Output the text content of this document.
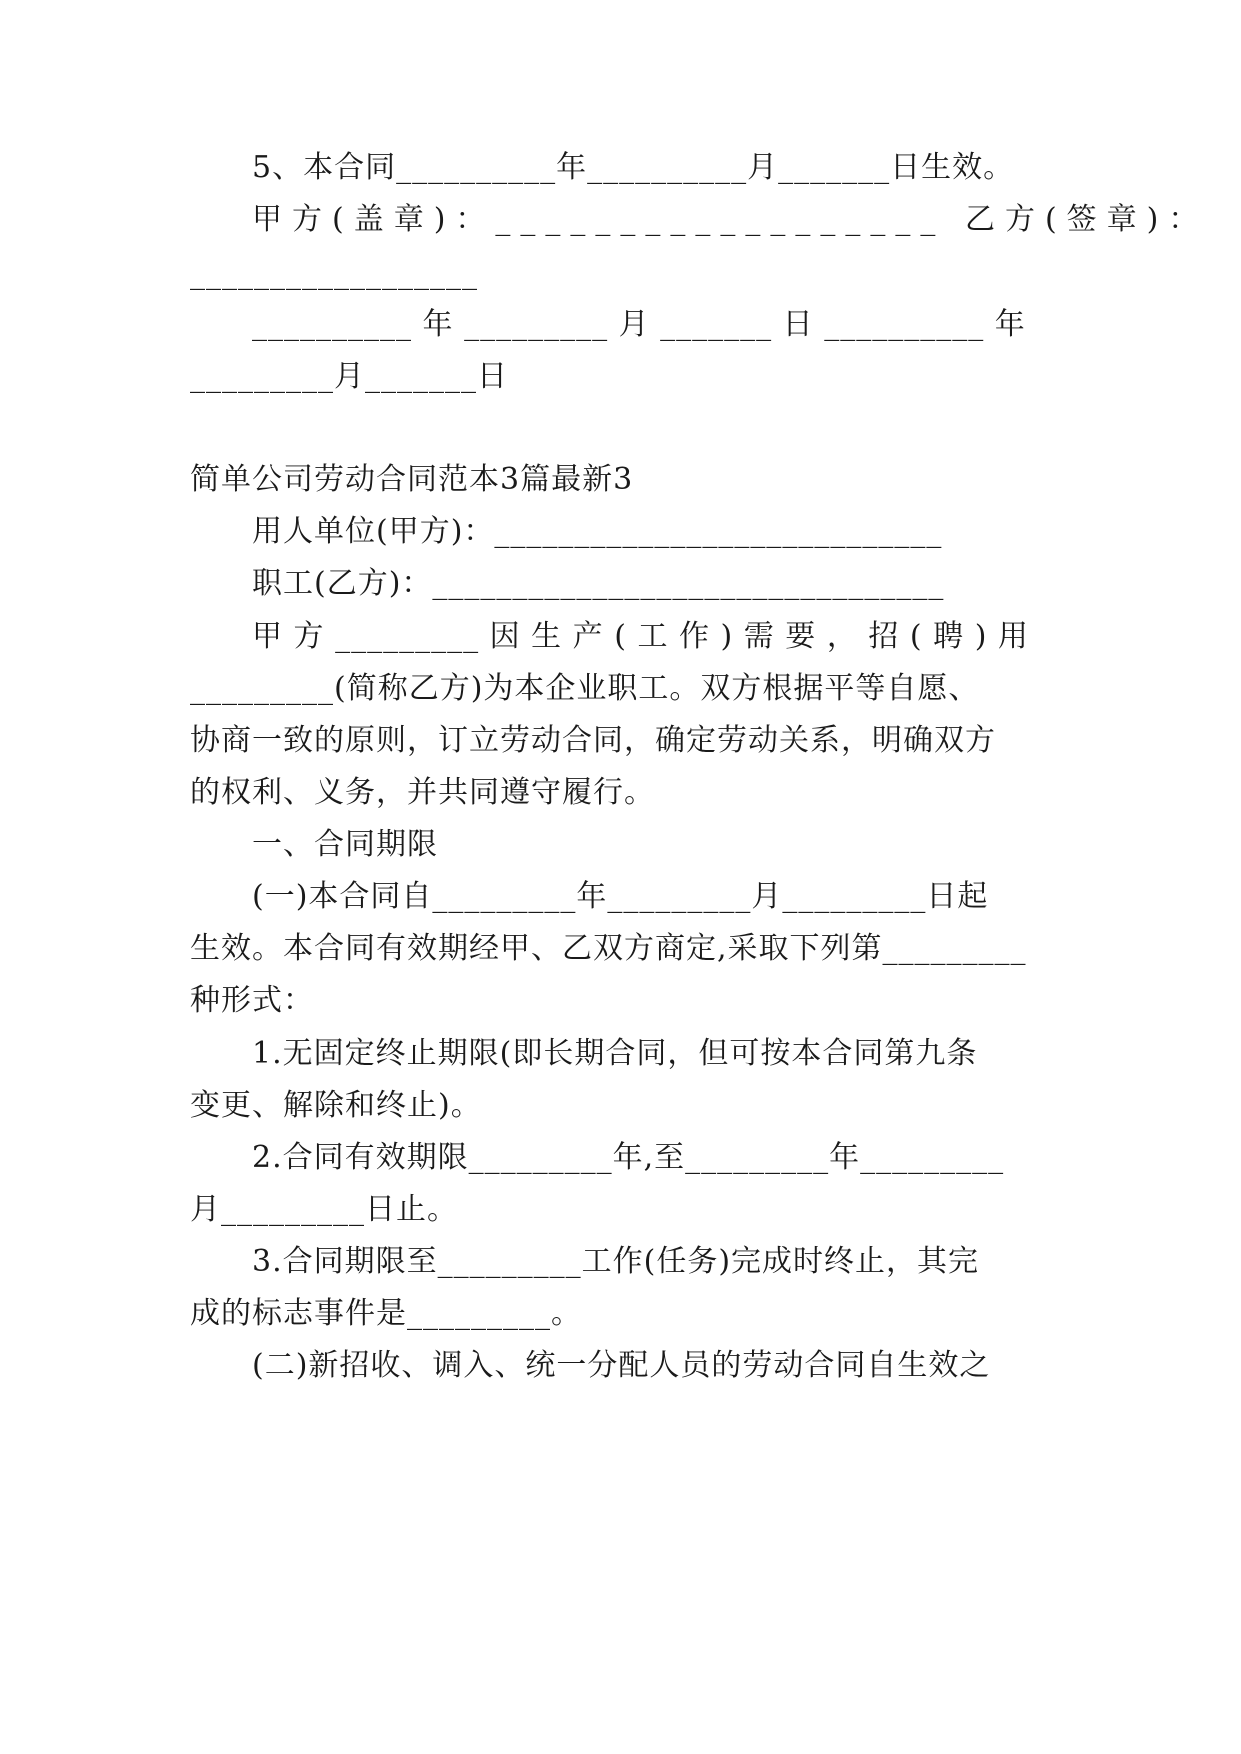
5、本合同__________年__________月_______日生效。
甲方(盖章)：__________________ 乙方(签章)：
__________________
__________ 年 _________ 月 _______ 日 __________ 年
_________月_______日
简单公司劳动合同范本3篇最新3
用人单位(甲方)：____________________________
职工(乙方)：________________________________
甲 方 _________ 因 生 产 ( 工 作 ) 需 要 ， 招 ( 聘 ) 用
_________(简称乙方)为本企业职工。双方根据平等自愿、
协商一致的原则，订立劳动合同，确定劳动关系，明确双方
的权利、义务，并共同遵守履行。
一、合同期限
(一)本合同自_________年_________月_________日起
生效。本合同有效期经甲、乙双方商定,采取下列第_________
种形式：
1.无固定终止期限(即长期合同，但可按本合同第九条
变更、解除和终止)。
2.合同有效期限_________年,至_________年_________
月_________日止。
3.合同期限至_________工作(任务)完成时终止，其完
成的标志事件是_________。
(二)新招收、调入、统一分配人员的劳动合同自生效之
